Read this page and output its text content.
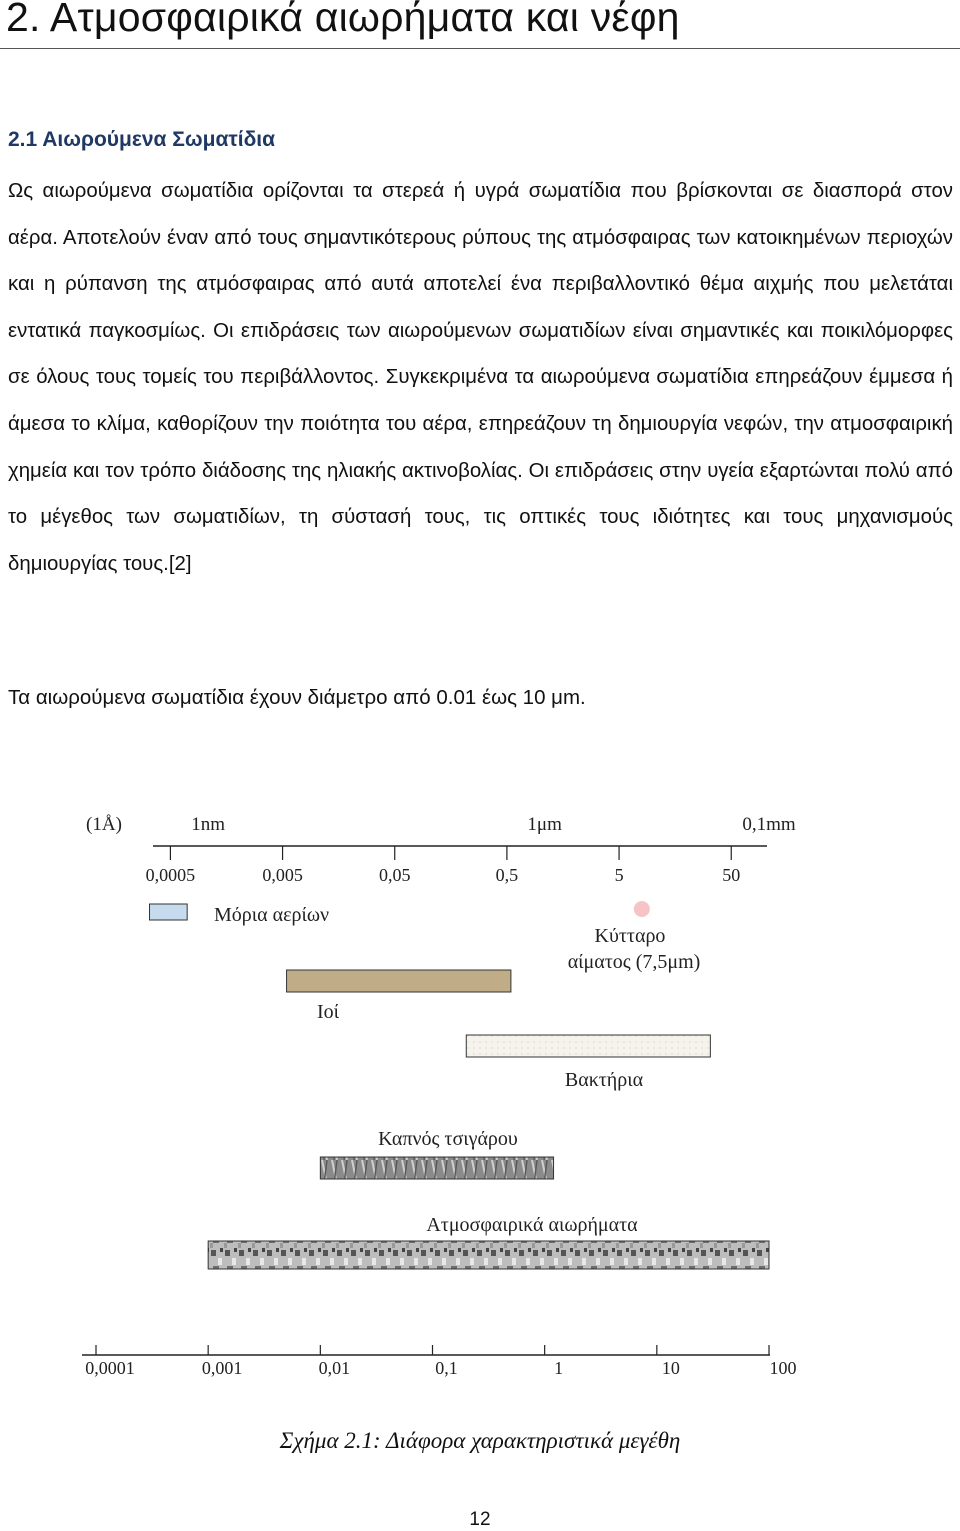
2. Ατμοσφαιρικά αιωρήματα και νέφη
2.1 Αιωρούμενα Σωματίδια

Ως αιωρούμενα σωματίδια ορίζονται τα στερεά ή υγρά σωματίδια που βρίσκονται σε διασπορά στον αέρα. Αποτελούν έναν από τους σημαντικότερους ρύπους της ατμόσφαιρας των κατοικημένων περιοχών και η ρύπανση της ατμόσφαιρας από αυτά αποτελεί ένα περιβαλλοντικό θέμα αιχμής που μελετάται εντατικά παγκοσμίως. Οι επιδράσεις των αιωρούμενων σωματιδίων είναι σημαντικές και ποικιλόμορφες σε όλους τους τομείς του περιβάλλοντος. Συγκεκριμένα τα αιωρούμενα σωματίδια επηρεάζουν έμμεσα ή άμεσα το κλίμα, καθορίζουν την ποιότητα του αέρα, επηρεάζουν τη δημιουργία νεφών, την ατμοσφαιρική χημεία και τον τρόπο διάδοσης της ηλιακής ακτινοβολίας. Οι επιδράσεις στην υγεία εξαρτώνται πολύ από το μέγεθος των σωματιδίων, τη σύστασή τους, τις οπτικές τους ιδιότητες και τους μηχανισμούς δημιουργίας τους.[2]

Τα αιωρούμενα σωματίδια έχουν διάμετρο από 0.01 έως 10 μm.

(1Å)	1nm	1μm	0,1mm
0,0005	0,005	0,05	0,5	5	50
Μόρια αερίων
Ιοί
Βακτήρια
Καπνός τσιγάρου
Ατμοσφαιρικά αιωρήματα
Κύτταρο
αίματος (7,5μm)
0,0001	0,001	0,01	0,1	1	10	100
Σχήμα 2.1: Διάφορα χαρακτηριστικά μεγέθη
12
